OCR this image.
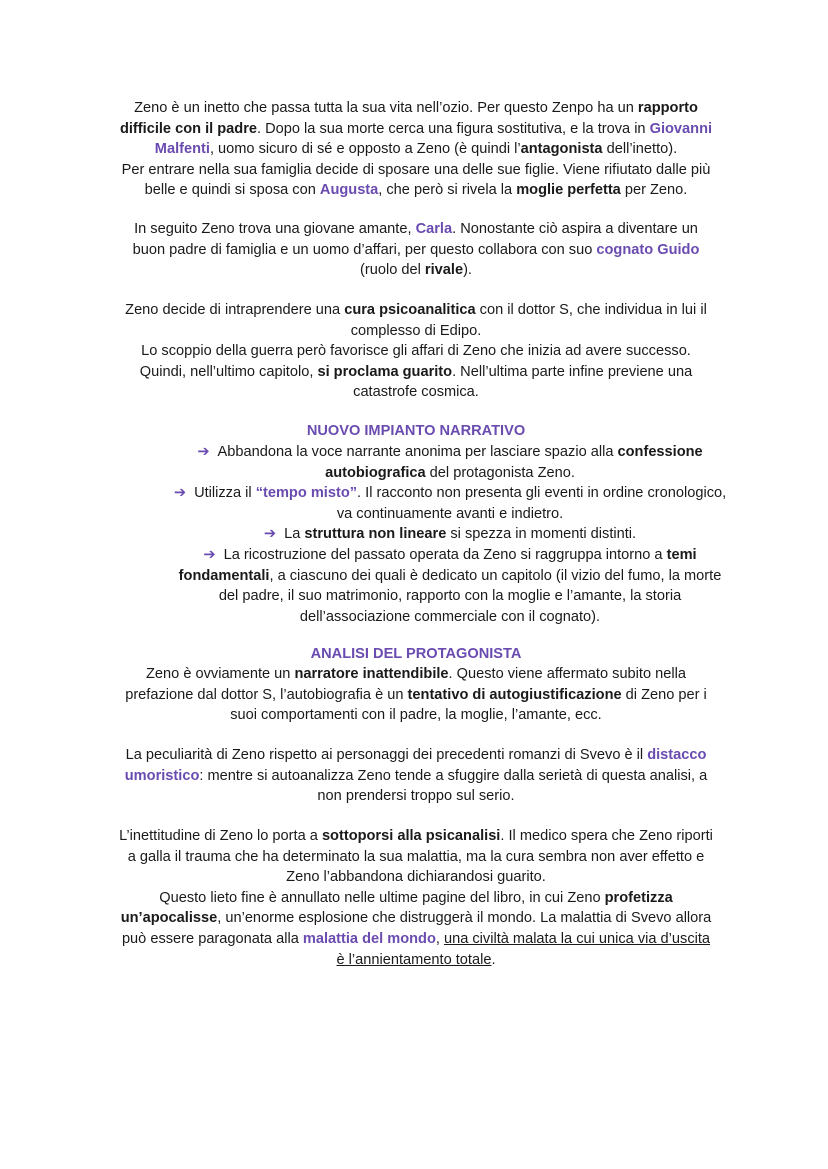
Zeno è un inetto che passa tutta la sua vita nell’ozio. Per questo Zenpo ha un rapporto
difficile con il padre. Dopo la sua morte cerca una figura sostitutiva, e la trova in Giovanni
Malfenti, uomo sicuro di sé e opposto a Zeno (è quindi l’antagonista dell’inetto).
Per entrare nella sua famiglia decide di sposare una delle sue figlie. Viene rifiutato dalle più
belle e quindi si sposa con Augusta, che però si rivela la moglie perfetta per Zeno.
In seguito Zeno trova una giovane amante, Carla. Nonostante ciò aspira a diventare un
buon padre di famiglia e un uomo d’affari, per questo collabora con suo cognato Guido
(ruolo del rivale).
Zeno decide di intraprendere una cura psicoanalitica con il dottor S, che individua in lui il
complesso di Edipo.
Lo scoppio della guerra però favorisce gli affari di Zeno che inizia ad avere successo.
Quindi, nell’ultimo capitolo, si proclama guarito. Nell’ultima parte infine previene una
catastrofe cosmica.
NUOVO IMPIANTO NARRATIVO
➔ Abbandona la voce narrante anonima per lasciare spazio alla confessione
autobiografica del protagonista Zeno.
➔ Utilizza il “tempo misto”. Il racconto non presenta gli eventi in ordine cronologico,
va continuamente avanti e indietro.
➔ La struttura non lineare si spezza in momenti distinti.
➔ La ricostruzione del passato operata da Zeno si raggruppa intorno a temi
fondamentali, a ciascuno dei quali è dedicato un capitolo (il vizio del fumo, la morte
del padre, il suo matrimonio, rapporto con la moglie e l’amante, la storia
dell’associazione commerciale con il cognato).
ANALISI DEL PROTAGONISTA
Zeno è ovviamente un narratore inattendibile. Questo viene affermato subito nella
prefazione dal dottor S, l’autobiografia è un tentativo di autogiustificazione di Zeno per i
suoi comportamenti con il padre, la moglie, l’amante, ecc.
La peculiarità di Zeno rispetto ai personaggi dei precedenti romanzi di Svevo è il distacco
umoristico: mentre si autoanalizza Zeno tende a sfuggire dalla serietà di questa analisi, a
non prendersi troppo sul serio.
L’inettitudine di Zeno lo porta a sottoporsi alla psicanalisi. Il medico spera che Zeno riporti
a galla il trauma che ha determinato la sua malattia, ma la cura sembra non aver effetto e
Zeno l’abbandona dichiarandosi guarito.
Questo lieto fine è annullato nelle ultime pagine del libro, in cui Zeno profetizza
un’apocalisse, un’enorme esplosione che distruggerà il mondo. La malattia di Svevo allora
può essere paragonata alla malattia del mondo, una civiltà malata la cui unica via d’uscita
è l’annientamento totale.
